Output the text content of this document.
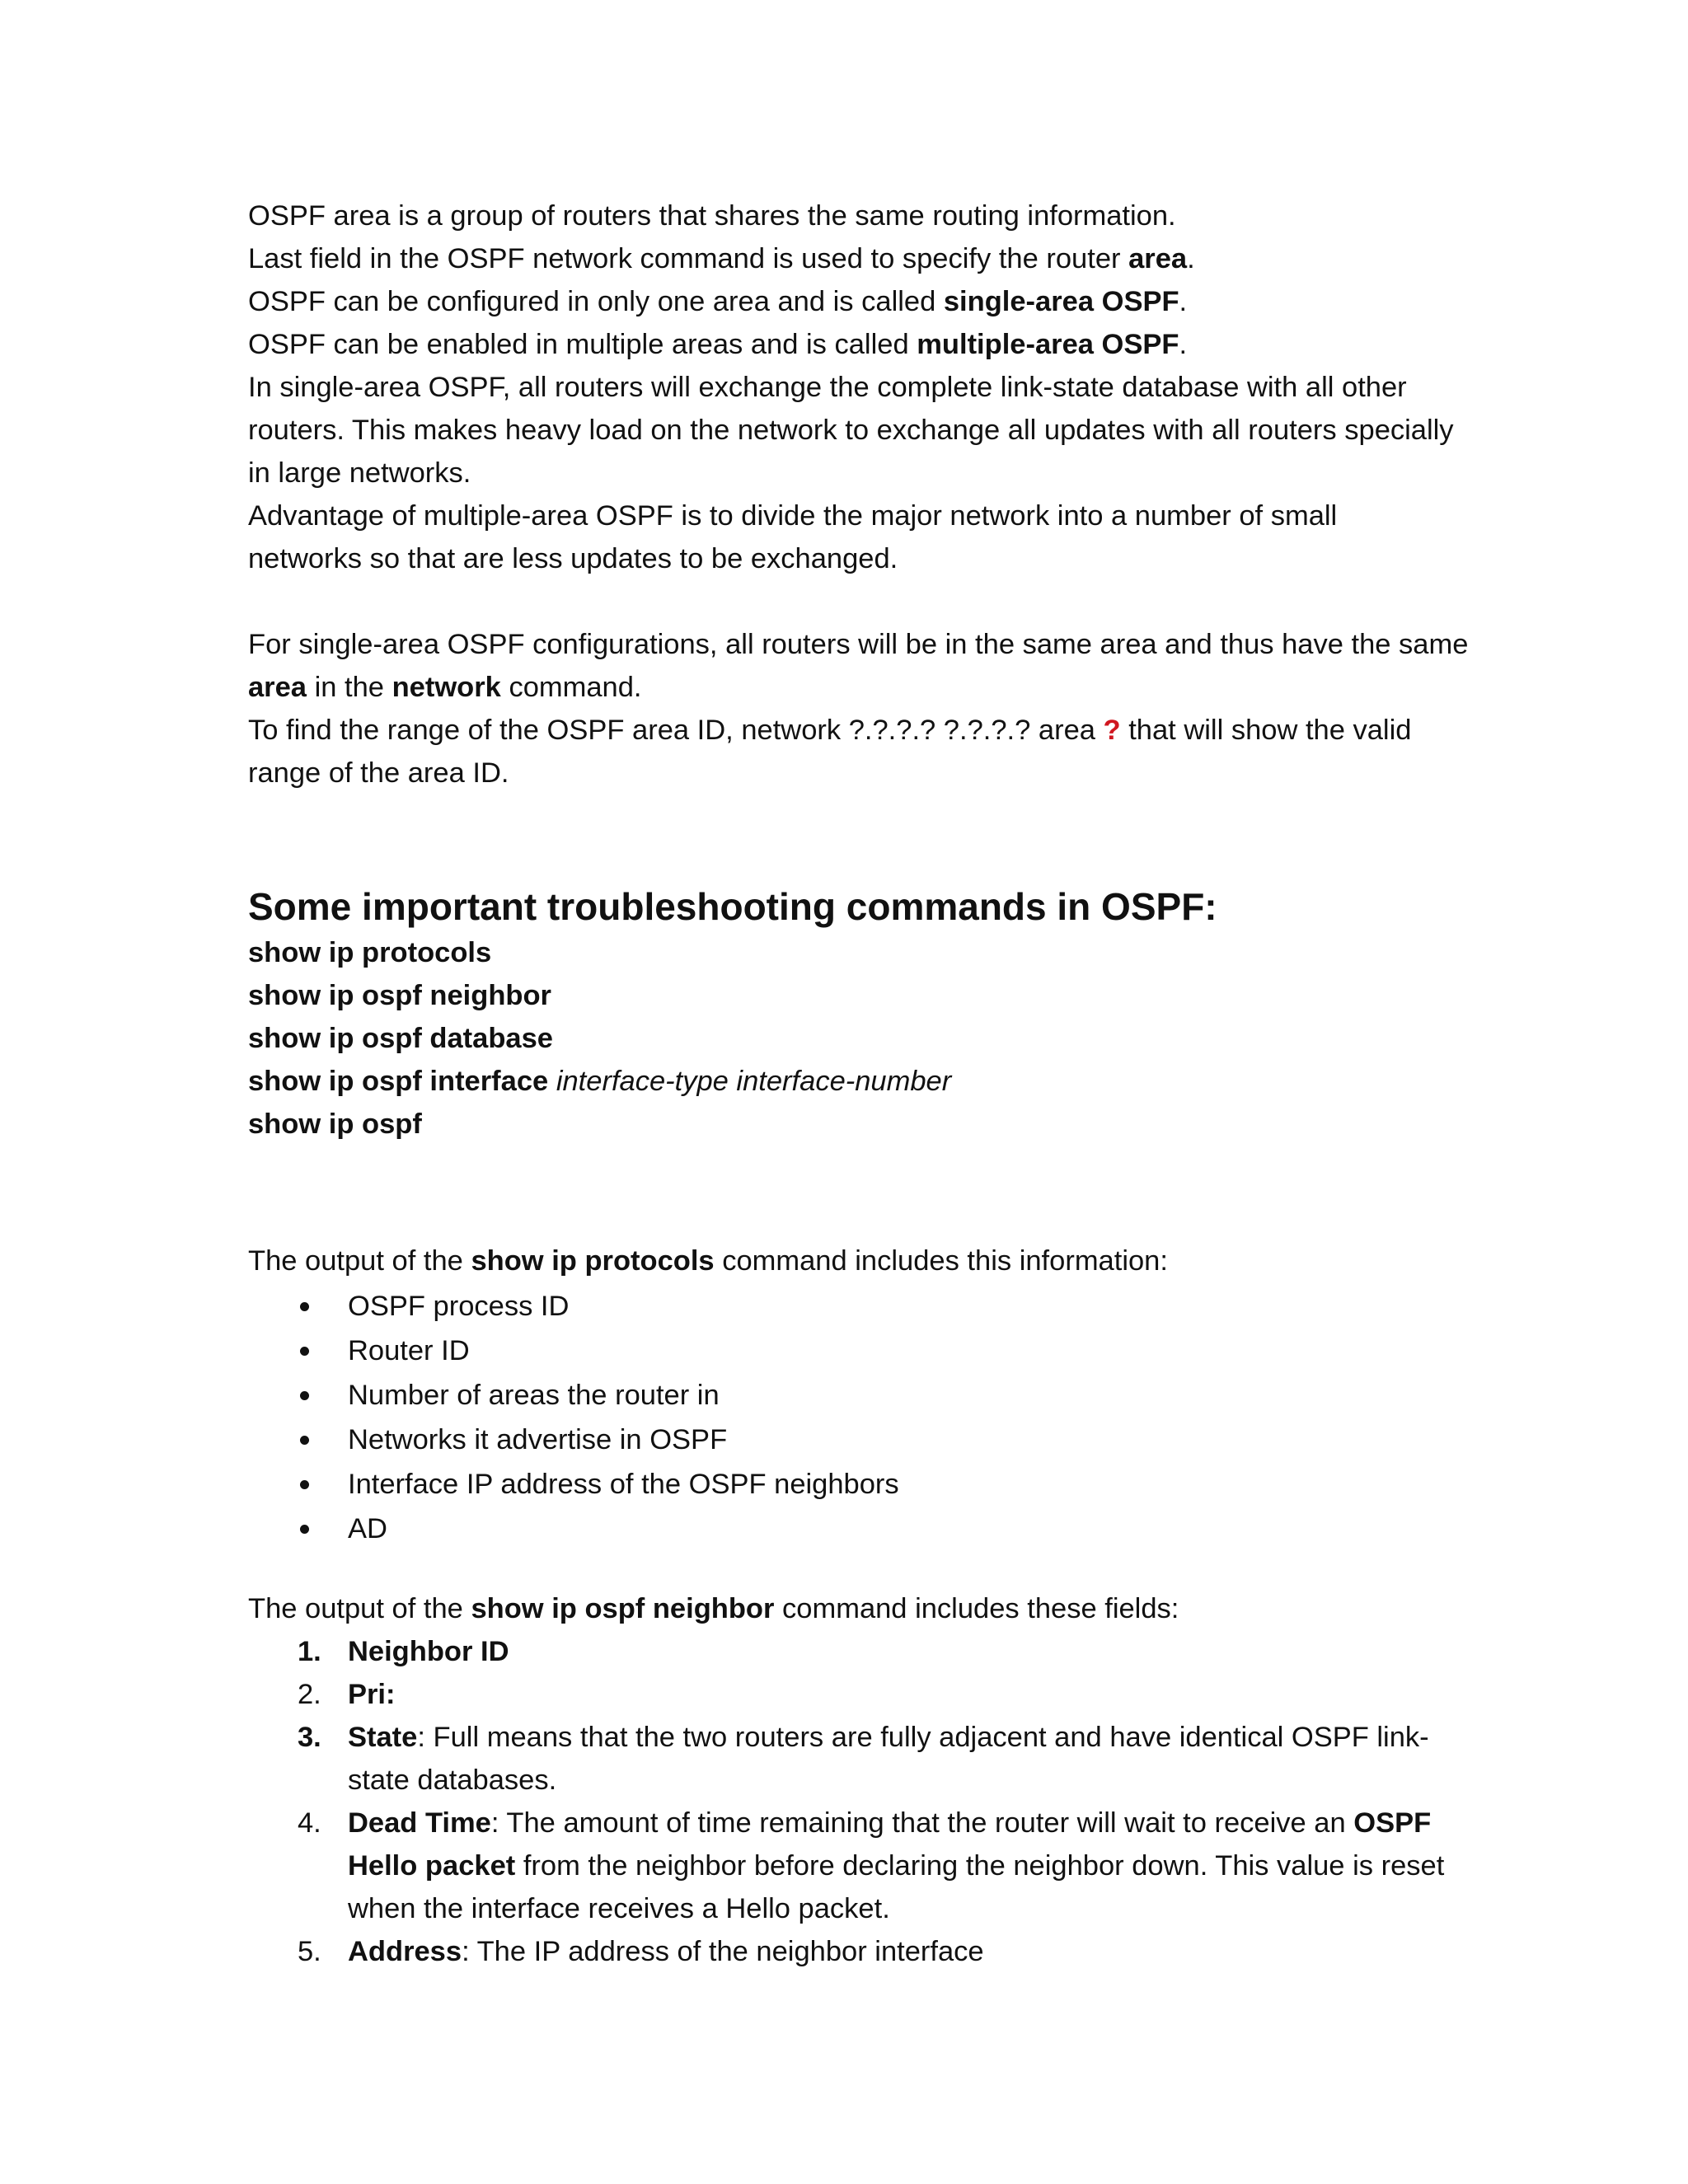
OSPF area is a group of routers that shares the same routing information.
Last field in the OSPF network command is used to specify the router area.
OSPF can be configured in only one area and is called single-area OSPF.
OSPF can be enabled in multiple areas and is called multiple-area OSPF.
In single-area OSPF, all routers will exchange the complete link-state database with all other
routers. This makes heavy load on the network to exchange all updates with all routers specially
in large networks.
Advantage of multiple-area OSPF is to divide the major network into a number of small
networks so that are less updates to be exchanged.
For single-area OSPF configurations, all routers will be in the same area and thus have the same
area in the network command.
To find the range of the OSPF area ID, network ?.?.?.? ?.?.?.? area ? that will show the valid
range of the area ID.
Some important troubleshooting commands in OSPF:
show ip protocols
show ip ospf neighbor
show ip ospf database
show ip ospf interface interface-type interface-number
show ip ospf
The output of the show ip protocols command includes this information:
OSPF process ID
Router ID
Number of areas the router in
Networks it advertise in OSPF
Interface IP address of the OSPF neighbors
AD
The output of the show ip ospf neighbor command includes these fields:
1. Neighbor ID
2. Pri:
3. State: Full means that the two routers are fully adjacent and have identical OSPF link-
state databases.
4. Dead Time: The amount of time remaining that the router will wait to receive an OSPF
Hello packet from the neighbor before declaring the neighbor down. This value is reset
when the interface receives a Hello packet.
5. Address: The IP address of the neighbor interface
